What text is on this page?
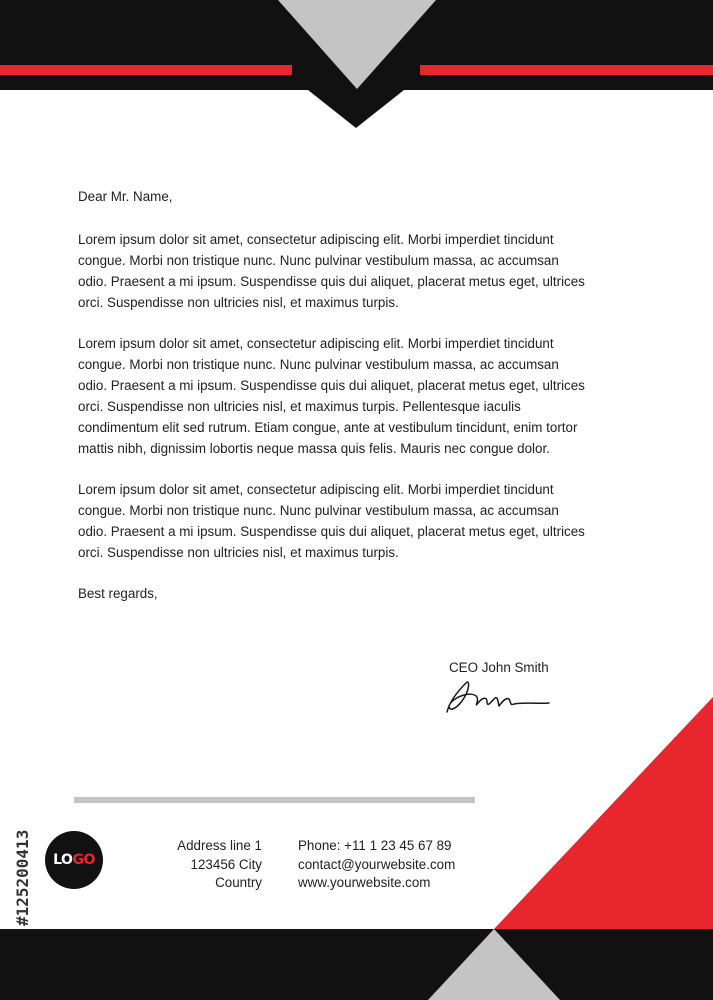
Dear Mr. Name,

Lorem ipsum dolor sit amet, consectetur adipiscing elit. Morbi imperdiet tincidunt
congue. Morbi non tristique nunc. Nunc pulvinar vestibulum massa, ac accumsan
odio. Praesent a mi ipsum. Suspendisse quis dui aliquet, placerat metus eget, ultrices
orci. Suspendisse non ultricies nisl, et maximus turpis.

Lorem ipsum dolor sit amet, consectetur adipiscing elit. Morbi imperdiet tincidunt
congue. Morbi non tristique nunc. Nunc pulvinar vestibulum massa, ac accumsan
odio. Praesent a mi ipsum. Suspendisse quis dui aliquet, placerat metus eget, ultrices
orci. Suspendisse non ultricies nisl, et maximus turpis. Pellentesque iaculis
condimentum elit sed rutrum. Etiam congue, ante at vestibulum tincidunt, enim tortor
mattis nibh, dignissim lobortis neque massa quis felis. Mauris nec congue dolor.

Lorem ipsum dolor sit amet, consectetur adipiscing elit. Morbi imperdiet tincidunt
congue. Morbi non tristique nunc. Nunc pulvinar vestibulum massa, ac accumsan
odio. Praesent a mi ipsum. Suspendisse quis dui aliquet, placerat metus eget, ultrices
orci. Suspendisse non ultricies nisl, et maximus turpis.

Best regards,

CEO John Smith

LO GO
Address line 1
123456 City
Country
Phone: +11 1 23 45 67 89
contact@yourwebsite.com
www.yourwebsite.com
#125200413
